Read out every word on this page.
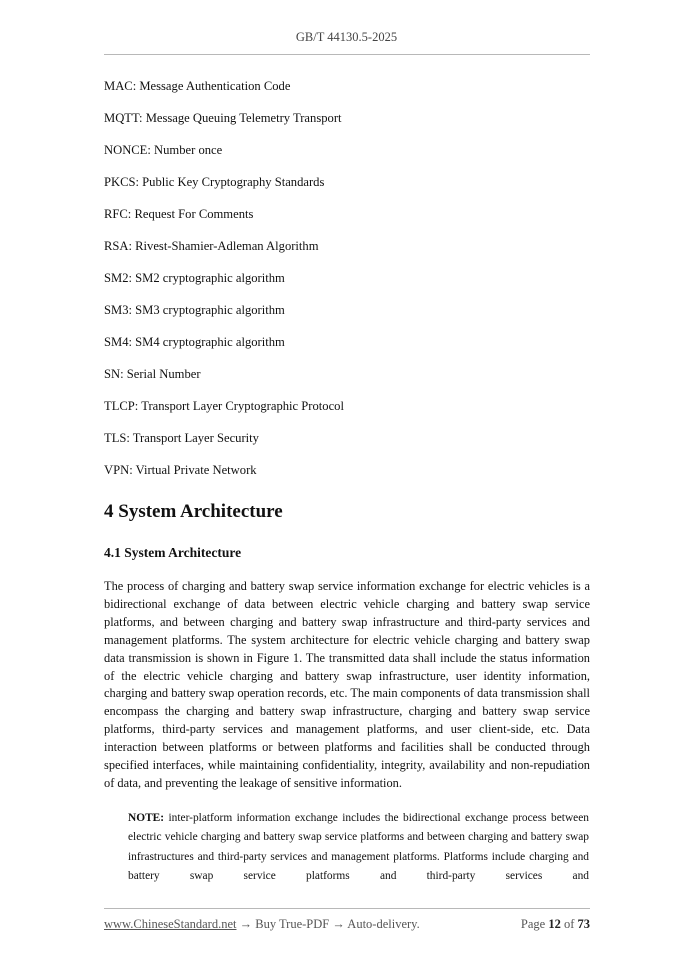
GB/T 44130.5-2025
MAC: Message Authentication Code
MQTT: Message Queuing Telemetry Transport
NONCE: Number once
PKCS: Public Key Cryptography Standards
RFC: Request For Comments
RSA: Rivest-Shamier-Adleman Algorithm
SM2: SM2 cryptographic algorithm
SM3: SM3 cryptographic algorithm
SM4: SM4 cryptographic algorithm
SN: Serial Number
TLCP: Transport Layer Cryptographic Protocol
TLS: Transport Layer Security
VPN: Virtual Private Network
4 System Architecture
4.1 System Architecture

The process of charging and battery swap service information exchange for electric vehicles is a bidirectional exchange of data between electric vehicle charging and battery swap service platforms, and between charging and battery swap infrastructure and third-party services and management platforms. The system architecture for electric vehicle charging and battery swap data transmission is shown in Figure 1. The transmitted data shall include the status information of the electric vehicle charging and battery swap infrastructure, user identity information, charging and battery swap operation records, etc. The main components of data transmission shall encompass the charging and battery swap infrastructure, charging and battery swap service platforms, third-party services and management platforms, and user client-side, etc. Data interaction between platforms or between platforms and facilities shall be conducted through specified interfaces, while maintaining confidentiality, integrity, availability and non-repudiation of data, and preventing the leakage of sensitive information.

NOTE: inter-platform information exchange includes the bidirectional exchange process between electric vehicle charging and battery swap service platforms and between charging and battery swap infrastructures and third-party services and management platforms. Platforms include charging and battery swap service platforms and third-party services and

www.ChineseStandard.net → Buy True-PDF → Auto-delivery.	Page 12 of 73
